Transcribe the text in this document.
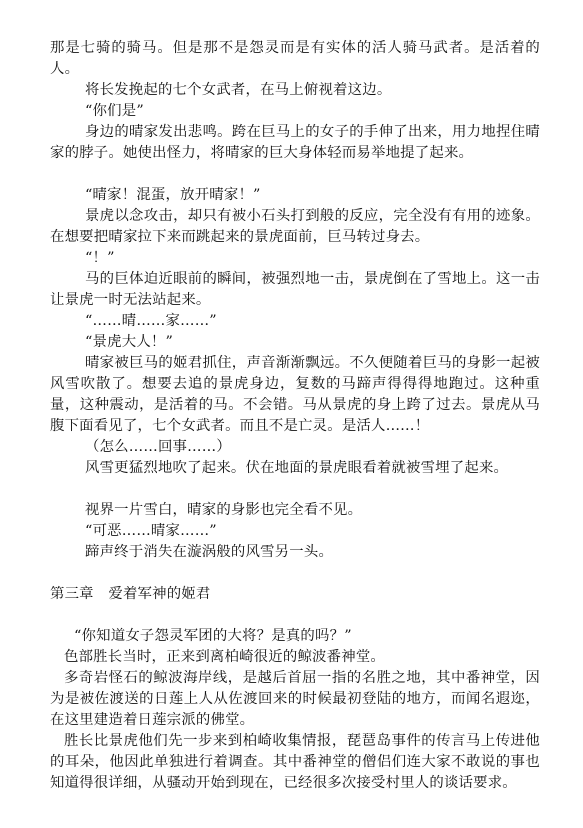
那是七骑的骑马。但是那不是怨灵而是有实体的活人骑马武者。是活着的人。

将长发挽起的七个女武者，在马上俯视着这边。

“你们是”

身边的晴家发出悲鸣。跨在巨马上的女子的手伸了出来，用力地捏住晴家的脖子。她使出怪力，将晴家的巨大身体轻而易举地提了起来。

“晴家！混蛋，放开晴家！”

景虎以念攻击，却只有被小石头打到般的反应，完全没有有用的迹象。在想要把晴家拉下来而跳起来的景虎面前，巨马转过身去。

“！”

马的巨体迫近眼前的瞬间，被强烈地一击，景虎倒在了雪地上。这一击让景虎一时无法站起来。

“……晴……家……”

“景虎大人！”

晴家被巨马的姬君抓住，声音渐渐飘远。不久便随着巨马的身影一起被风雪吹散了。想要去追的景虎身边，复数的马蹄声得得得地跑过。这种重量，这种震动，是活着的马。不会错。马从景虎的身上跨了过去。景虎从马腹下面看见了，七个女武者。而且不是亡灵。是活人……！

（怎么……回事……）

风雪更猛烈地吹了起来。伏在地面的景虎眼看着就被雪埋了起来。

视界一片雪白，晴家的身影也完全看不见。

“可恶……晴家……”

蹄声终于消失在漩涡般的风雪另一头。

第三章　爱着军神的姬君

“你知道女子怨灵军团的大将？是真的吗？”

色部胜长当时，正来到离柏崎很近的鲸波番神堂。

多奇岩怪石的鲸波海岸线，是越后首屈一指的名胜之地，其中番神堂，因为是被佐渡送的日莲上人从佐渡回来的时候最初登陆的地方，而闻名遐迩，在这里建造着日莲宗派的佛堂。

胜长比景虎他们先一步来到柏崎收集情报，琵琶岛事件的传言马上传进他的耳朵，他因此单独进行着调查。其中番神堂的僧侣们连大家不敢说的事也知道得很详细，从骚动开始到现在，已经很多次接受村里人的谈话要求。
